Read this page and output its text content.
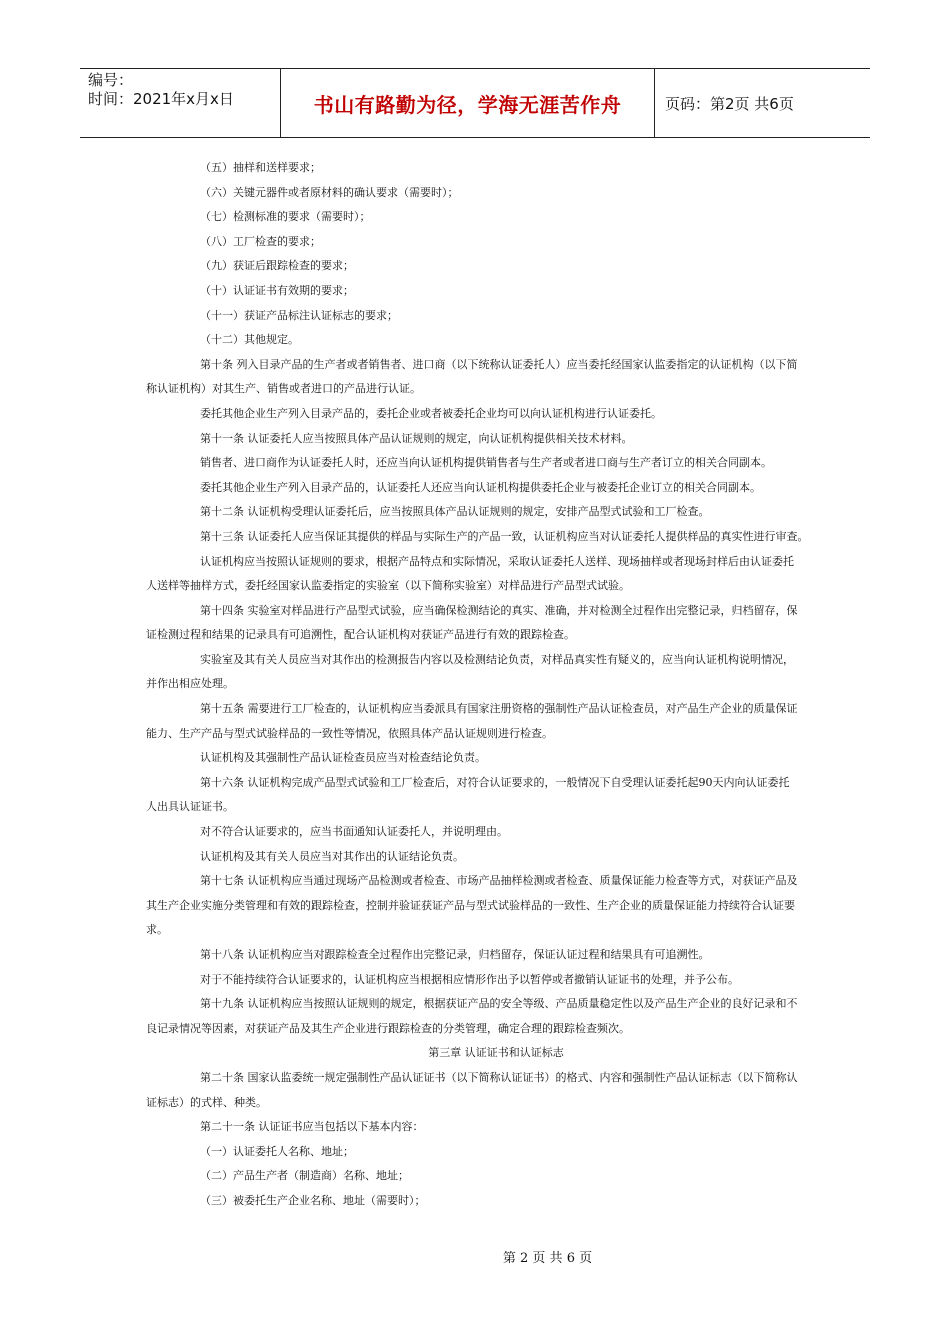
编号：
时间：2021年x月x日	书山有路勤为径，学海无涯苦作舟	页码：第2页 共6页
（五）抽样和送样要求；
（六）关键元器件或者原材料的确认要求（需要时）；
（七）检测标准的要求（需要时）；
（八）工厂检查的要求；
（九）获证后跟踪检查的要求；
（十）认证证书有效期的要求；
（十一）获证产品标注认证标志的要求；
（十二）其他规定。
第十条 列入目录产品的生产者或者销售者、进口商（以下统称认证委托人）应当委托经国家认监委指定的认证机构（以下简
称认证机构）对其生产、销售或者进口的产品进行认证。
委托其他企业生产列入目录产品的，委托企业或者被委托企业均可以向认证机构进行认证委托。
第十一条 认证委托人应当按照具体产品认证规则的规定，向认证机构提供相关技术材料。
销售者、进口商作为认证委托人时，还应当向认证机构提供销售者与生产者或者进口商与生产者订立的相关合同副本。
委托其他企业生产列入目录产品的，认证委托人还应当向认证机构提供委托企业与被委托企业订立的相关合同副本。
第十二条 认证机构受理认证委托后，应当按照具体产品认证规则的规定，安排产品型式试验和工厂检查。
第十三条 认证委托人应当保证其提供的样品与实际生产的产品一致，认证机构应当对认证委托人提供样品的真实性进行审查。
认证机构应当按照认证规则的要求，根据产品特点和实际情况，采取认证委托人送样、现场抽样或者现场封样后由认证委托
人送样等抽样方式，委托经国家认监委指定的实验室（以下简称实验室）对样品进行产品型式试验。
第十四条 实验室对样品进行产品型式试验，应当确保检测结论的真实、准确，并对检测全过程作出完整记录，归档留存，保
证检测过程和结果的记录具有可追溯性，配合认证机构对获证产品进行有效的跟踪检查。
实验室及其有关人员应当对其作出的检测报告内容以及检测结论负责，对样品真实性有疑义的，应当向认证机构说明情况，
并作出相应处理。
第十五条 需要进行工厂检查的，认证机构应当委派具有国家注册资格的强制性产品认证检查员，对产品生产企业的质量保证
能力、生产产品与型式试验样品的一致性等情况，依照具体产品认证规则进行检查。
认证机构及其强制性产品认证检查员应当对检查结论负责。
第十六条 认证机构完成产品型式试验和工厂检查后，对符合认证要求的，一般情况下自受理认证委托起90天内向认证委托
人出具认证证书。
对不符合认证要求的，应当书面通知认证委托人，并说明理由。
认证机构及其有关人员应当对其作出的认证结论负责。
第十七条 认证机构应当通过现场产品检测或者检查、市场产品抽样检测或者检查、质量保证能力检查等方式，对获证产品及
其生产企业实施分类管理和有效的跟踪检查，控制并验证获证产品与型式试验样品的一致性、生产企业的质量保证能力持续符合认证要
求。
第十八条 认证机构应当对跟踪检查全过程作出完整记录，归档留存，保证认证过程和结果具有可追溯性。
对于不能持续符合认证要求的，认证机构应当根据相应情形作出予以暂停或者撤销认证证书的处理，并予公布。
第十九条 认证机构应当按照认证规则的规定，根据获证产品的安全等级、产品质量稳定性以及产品生产企业的良好记录和不
良记录情况等因素，对获证产品及其生产企业进行跟踪检查的分类管理，确定合理的跟踪检查频次。
第三章 认证证书和认证标志
第二十条 国家认监委统一规定强制性产品认证证书（以下简称认证证书）的格式、内容和强制性产品认证标志（以下简称认
证标志）的式样、种类。
第二十一条 认证证书应当包括以下基本内容：
（一）认证委托人名称、地址；
（二）产品生产者（制造商）名称、地址；
（三）被委托生产企业名称、地址（需要时）；
第 2 页 共 6 页
